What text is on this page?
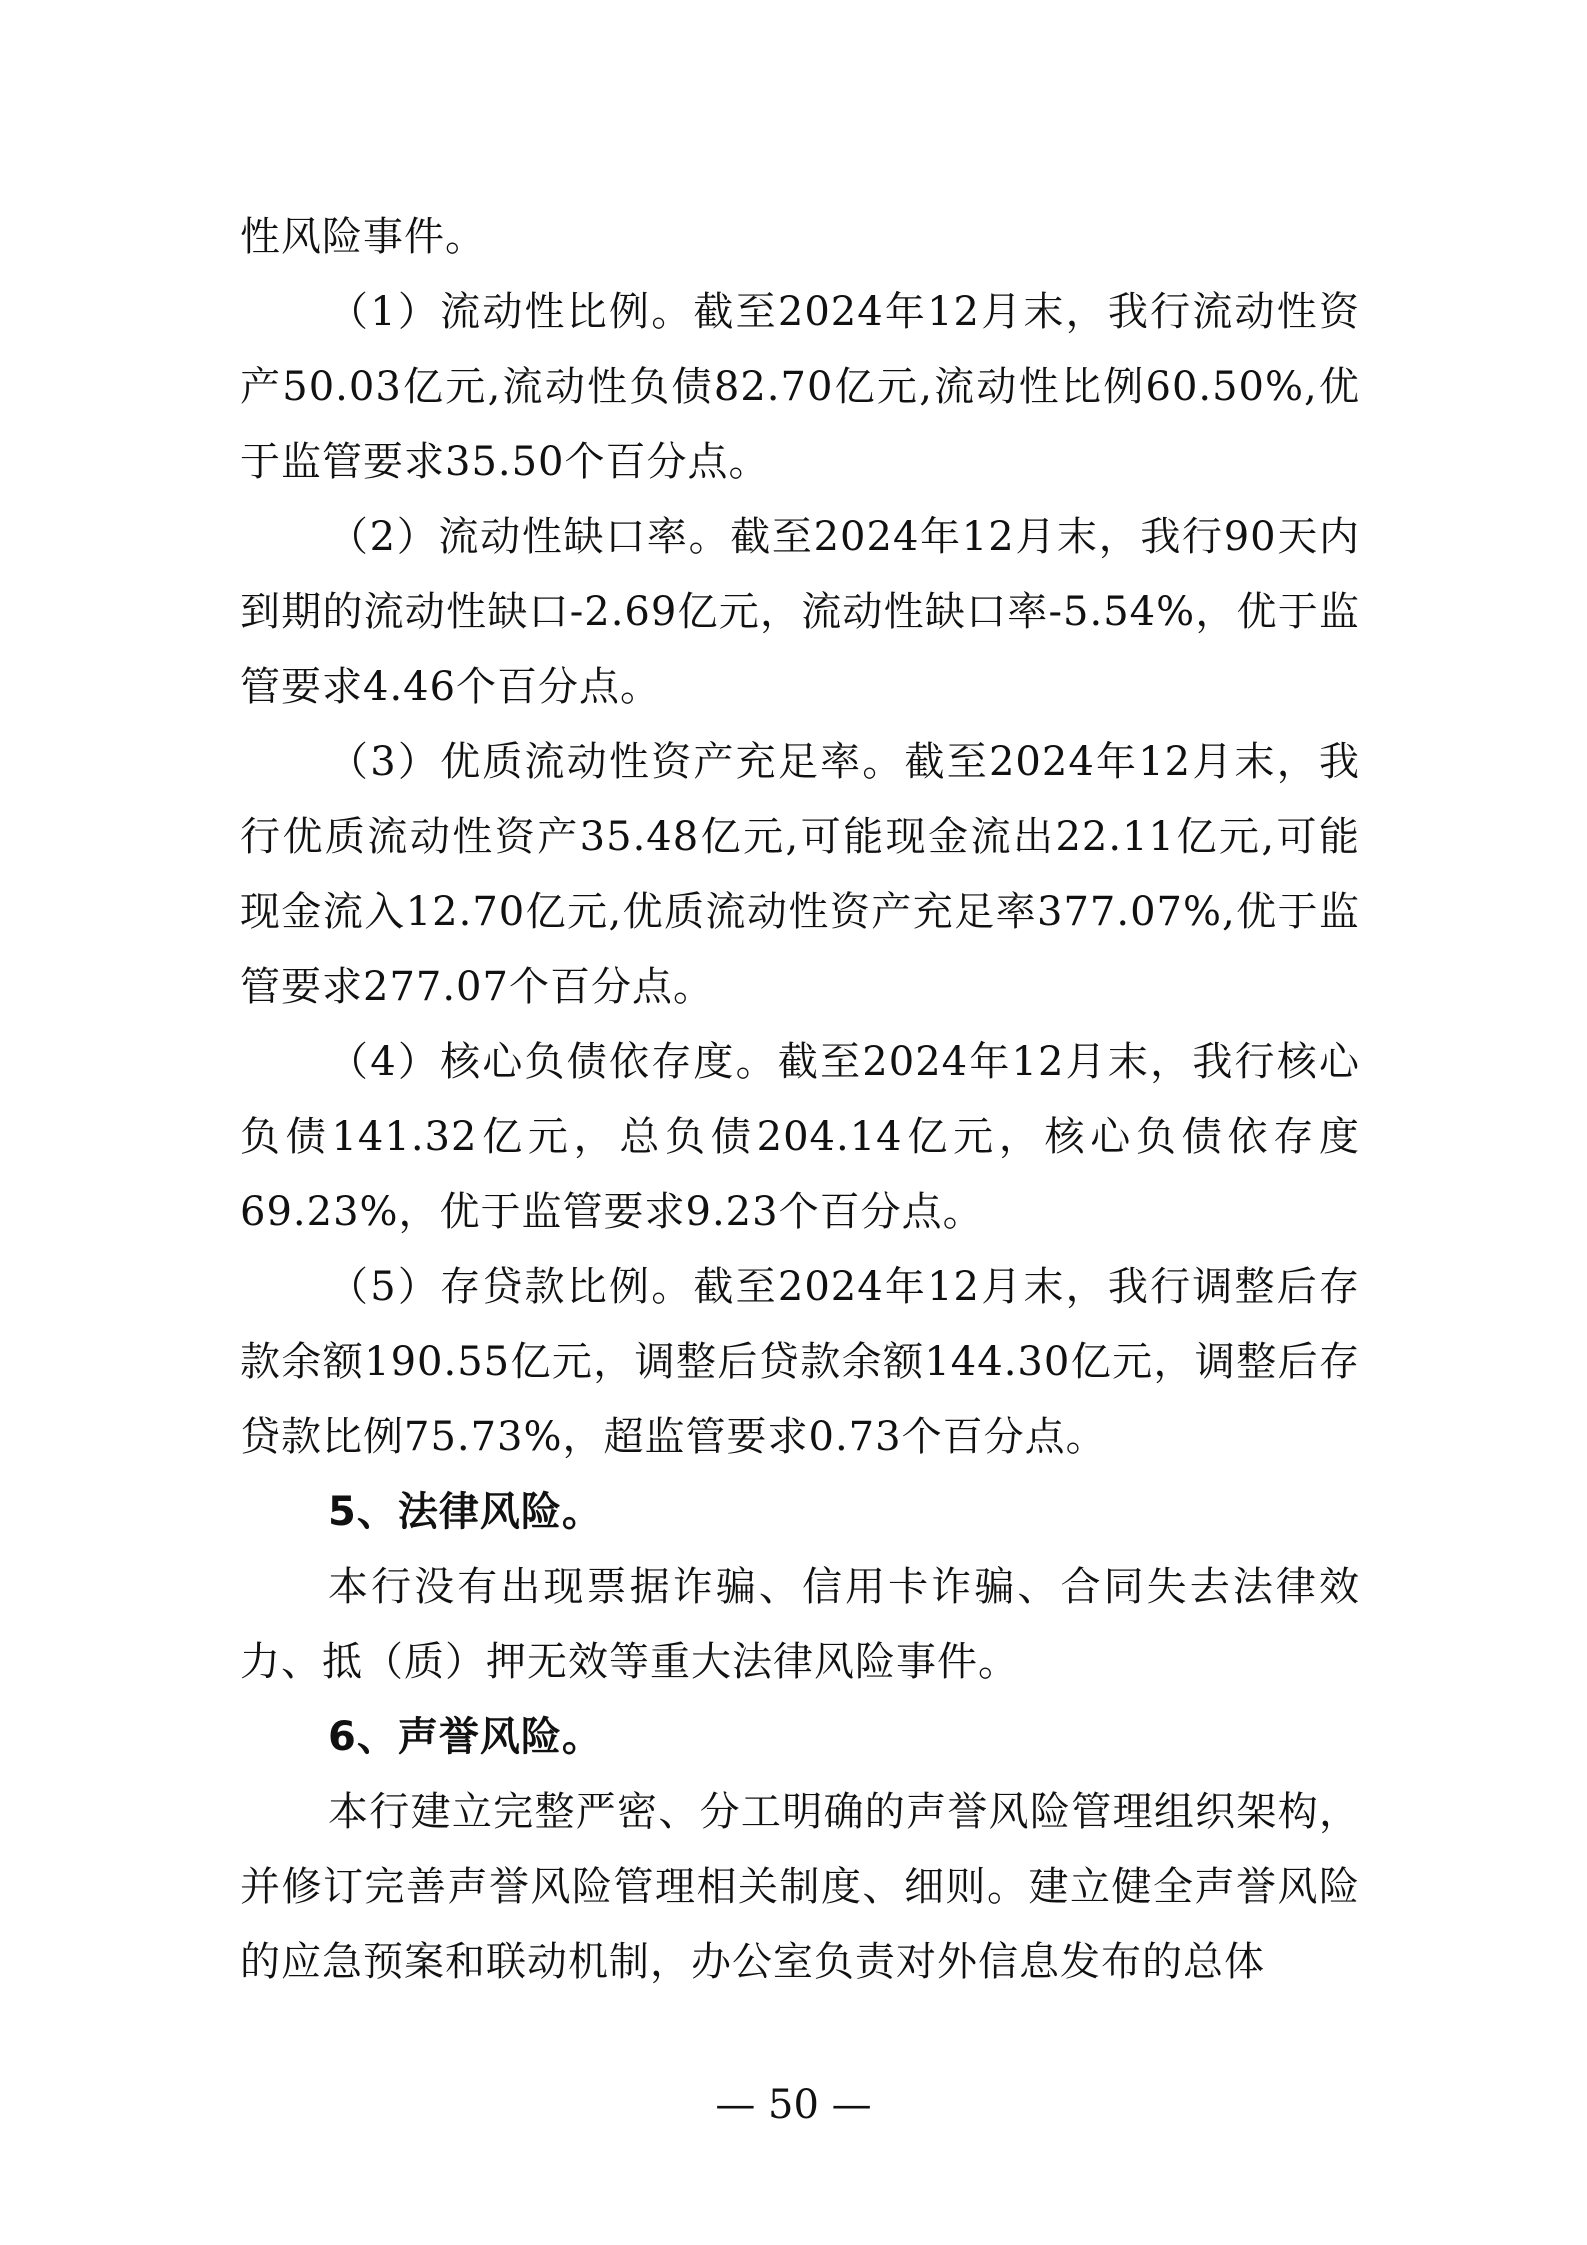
性风险事件。

（1）流动性比例。截至2024年12月末，我行流动性资产50.03亿元,流动性负债82.70亿元,流动性比例60.50%,优于监管要求35.50个百分点。

（2）流动性缺口率。截至2024年12月末，我行90天内到期的流动性缺口-2.69亿元，流动性缺口率-5.54%，优于监管要求4.46个百分点。

（3）优质流动性资产充足率。截至2024年12月末，我行优质流动性资产35.48亿元,可能现金流出22.11亿元,可能现金流入12.70亿元,优质流动性资产充足率377.07%,优于监管要求277.07个百分点。

（4）核心负债依存度。截至2024年12月末，我行核心负债141.32亿元，总负债204.14亿元，核心负债依存度69.23%，优于监管要求9.23个百分点。

（5）存贷款比例。截至2024年12月末，我行调整后存款余额190.55亿元，调整后贷款余额144.30亿元，调整后存贷款比例75.73%，超监管要求0.73个百分点。

5、法律风险。

本行没有出现票据诈骗、信用卡诈骗、合同失去法律效力、抵（质）押无效等重大法律风险事件。

6、声誉风险。

本行建立完整严密、分工明确的声誉风险管理组织架构，并修订完善声誉风险管理相关制度、细则。建立健全声誉风险的应急预案和联动机制，办公室负责对外信息发布的总体

— 50 —
